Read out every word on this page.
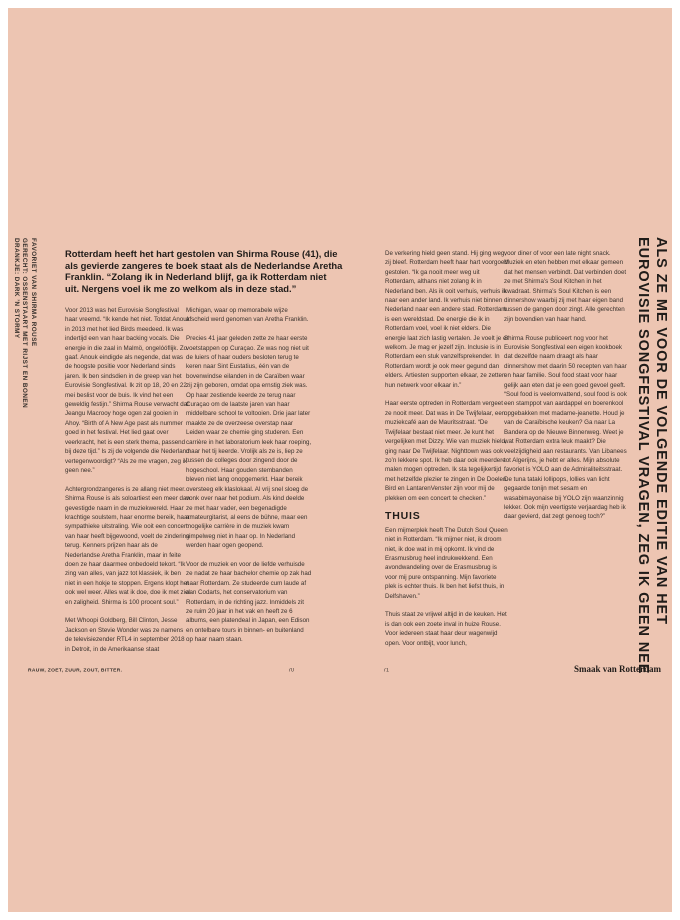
FAVORIET VAN SHIRMA ROUSE
GERECHT: OSSENSTAART MET RIJST EN BONEN
DRANKJE: DARK ’N STORMY	Rotterdam heeft het hart gestolen van Shirma Rouse (41), die als gevierde zangeres te boek staat als de Nederlandse Aretha Franklin. “Zolang ik in Nederland blijf, ga ik Rotterdam niet uit. Nergens voel ik me zo welkom als in deze stad.”

Voor 2013 was het Eurovisie Songfestival haar vreemd. “Ik kende het niet. Totdat Anouk in 2013 met het lied Birds meedeed. Ik was indertijd een van haar backing vocals. Die energie in die zaal in Malmö, ongelóóflijk. Zo gaaf. Anouk eindigde als negende, dat was de hoogste positie voor Nederland sinds jaren. Ik ben sindsdien in de greep van het Eurovisie Songfestival. Ik zit op 18, 20 en 22 mei beslist voor de buis. Ik vind het een geweldig festijn.” Shirma Rouse verwacht dat Jeangu Macrooy hoge ogen zal gooien in Ahoy. “Birth of A New Age past als nummer goed in het festival. Het lied gaat over veerkracht, het is een sterk thema, passend bij deze tijd.” Is zij de volgende die Nederland vertegenwoordigt? “Als ze me vragen, zeg ik geen nee.”

Achtergrondzangeres is ze allang niet meer. Shirma Rouse is als soloartiest een meer dan gevestigde naam in de muziekwereld. Haar krachtige soulstem, haar enorme bereik, haar sympathieke uitstraling. Wie ooit een concert van haar heeft bijgewoond, voelt de zindering terug. Kenners prijzen haar als de Nederlandse Aretha Franklin, maar in feite doen ze haar daarmee onbedoeld tekort. “Ik zing van alles, van jazz tot klassiek, ik ben niet in een hokje te stoppen. Ergens klopt het ook wel weer. Alles wat ik doe, doe ik met ziel en zaligheid. Shirma is 100 procent soul.”

Met Whoopi Goldberg, Bill Clinton, Jesse Jackson en Stevie Wonder was ze namens de televisiezender RTL4 in september 2018 in Detroit, in de Amerikaanse staat

Michigan, waar op memorabele wijze afscheid werd genomen van Aretha Franklin.

Precies 41 jaar geleden zette ze haar eerste voetstappen op Curaçao. Ze was nog niet uit de luiers of haar ouders besloten terug te keren naar Sint Eustatius, één van de bovenwindse eilanden in de Caraïben waar zij zijn geboren, omdat opa ernstig ziek was. Op haar zestiende keerde ze terug naar Curaçao om de laatste jaren van haar middelbare school te voltooien. Drie jaar later maakte ze de overzeese overstap naar Leiden waar ze chemie ging studeren. Een carrière in het laboratorium leek haar roeping, maar het tij keerde. Vrolijk als ze is, liep ze tussen de colleges door zingend door de hogeschool. Haar gouden stembanden bleven niet lang onopgemerkt. Haar bereik oversteeg elk klaslokaal. Al vrij snel sloeg de vonk over naar het podium. Als kind deelde ze met haar vader, een begenadigde amateurgitarist, al eens de bühne, maar een mogelijke carrière in de muziek kwam simpelweg niet in haar op. In Nederland werden haar ogen geopend.

Voor de muziek en voor de liefde verhuisde ze nadat ze haar bachelor chemie op zak had naar Rotterdam. Ze studeerde cum laude af aan Codarts, het conservatorium van Rotterdam, in de richting jazz. Inmiddels zit ze ruim 20 jaar in het vak en heeft ze 6 albums, een platendeal in Japan, een Edison en ontelbare tours in binnen- en buitenland op haar naam staan.

De verkering hield geen stand. Hij ging weg, zij bleef. Rotterdam heeft haar hart voorgoed gestolen. “Ik ga nooit meer weg uit Rotterdam, althans niet zolang ik in Nederland ben. Als ik ooit verhuis, verhuis ik naar een ander land. Ik verhuis niet binnen Nederland naar een andere stad. Rotterdam is een wereldstad. De energie die ik in Rotterdam voel, voel ik niet elders. Die energie laat zich lastig vertalen. Je voelt je er welkom. Je mag er jezelf zijn. Inclusie is in Rotterdam een stuk vanzelfsprekender. In Rotterdam wordt je ook meer gegund dan elders. Artiesten supporten elkaar, ze zetten hun netwerk voor elkaar in.”

Haar eerste optreden in Rotterdam vergeet ze nooit meer. Dat was in De Twijfelaar, een muziekcafé aan de Mauritsstraat. “De Twijfelaar bestaat niet meer. Je kunt het vergelijken met Dizzy. Wie van muziek hield, ging naar De Twijfelaar. Nighttown was ook zo’n lekkere spot. Ik heb daar ook meerdere malen mogen optreden. Ik sta tegelijkertijd met hetzelfde plezier te zingen in De Doelen. Bird en LantarenVenster zijn voor mij de plekken om een concert te checken.”

THUIS

Een mijmerplek heeft The Dutch Soul Queen niet in Rotterdam. “Ik mijmer niet, ik droom niet, ik doe wat in mij opkomt. Ik vind de Erasmusbrug heel indrukwekkend. Een avondwandeling over de Erasmusbrug is voor mij pure ontspanning. Mijn favoriete plek is echter thuis. Ik ben het liefst thuis, in Delfshaven.”

Thuis staat ze vrijwel altijd in de keuken. Het is dan ook een zoete inval in huize Rouse. Voor iedereen staat haar deur wagenwijd open. Voor ontbijt, voor lunch,

voor diner of voor een late night snack. Muziek en eten hebben met elkaar gemeen dat het mensen verbindt. Dat verbinden doet ze met Shirma’s Soul Kitchen in het kwadraat. Shirma’s Soul Kitchen is een dinnershow waarbij zij met haar eigen band tussen de gangen door zingt. Alle gerechten zijn bovendien van haar hand.

Shirma Rouse publiceert nog voor het Eurovisie Songfestival een eigen kookboek dat dezelfde naam draagt als haar dinnershow met daarin 50 recepten van haar en haar familie. Soul food staat voor haar gelijk aan eten dat je een goed gevoel geeft. “Soul food is veelomvattend, soul food is ook een stamppot van aardappel en boerenkool opgebakken met madame-jeanette. Houd je van de Caraïbische keuken? Ga naar La Bandera op de Nieuwe Binnenweg. Weet je wat Rotterdam extra leuk maakt? Die veelzijdigheid aan restaurants. Van Libanees tot Algerijns, je hebt er alles. Mijn absolute favoriet is YOLO aan de Admiraliteitsstraat. De tuna tataki lollipops, lollies van licht gegaarde tonijn met sesam en wasabimayonaise bij YOLO zijn waanzinnig lekker. Ook mijn veertigste verjaardag heb ik daar gevierd, dat zegt genoeg toch?”	ALS ZE ME VOOR DE VOLGENDE EDITIE VAN HET
EUROVISIE SONGFESTIVAL VRAGEN, ZEG IK GEEN NEE
RAUW, ZOET, ZUUR, ZOUT, BITTER.	70	71	Smaak van Rotterdam
